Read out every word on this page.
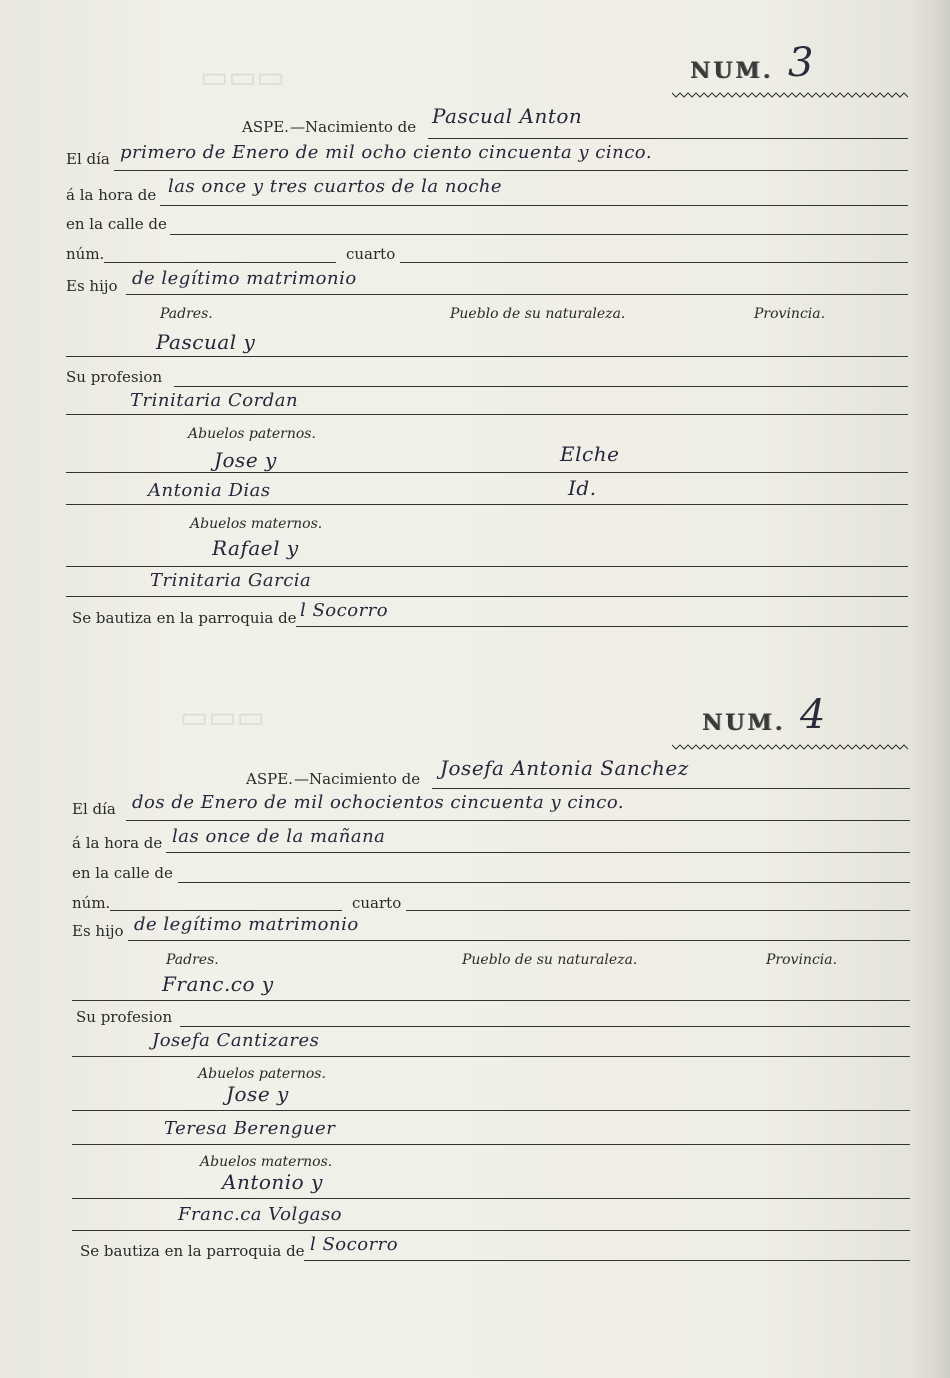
▭▭▭
▭▭▭
NUM. 3
ASPE. —Nacimiento de Pascual Anton
El día primero de Enero de mil ocho ciento cincuenta y cinco.
á la hora de las once y tres cuartos de la noche
en la calle de
núm.	cuarto
Es hijo de legítimo matrimonio
Padres.	Pueblo de su naturaleza.	Provincia.
Pascual y
Su profesion
Trinitaria Cordan
Abuelos paternos.
Jose y	Elche
Antonia Dias	Id.
Abuelos maternos.
Rafael y
Trinitaria Garcia
Se bautiza en la parroquia de l Socorro
NUM. 4
ASPE. —Nacimiento de Josefa Antonia Sanchez
El día dos de Enero de mil ochocientos cincuenta y cinco.
á la hora de las once de la mañana
en la calle de
núm.	cuarto
Es hijo de legítimo matrimonio
Padres.	Pueblo de su naturaleza.	Provincia.
Franc.co y
Su profesion
Josefa Cantizares
Abuelos paternos.
Jose y
Teresa Berenguer
Abuelos maternos.
Antonio y
Franc.ca Volgaso
Se bautiza en la parroquia de l Socorro
